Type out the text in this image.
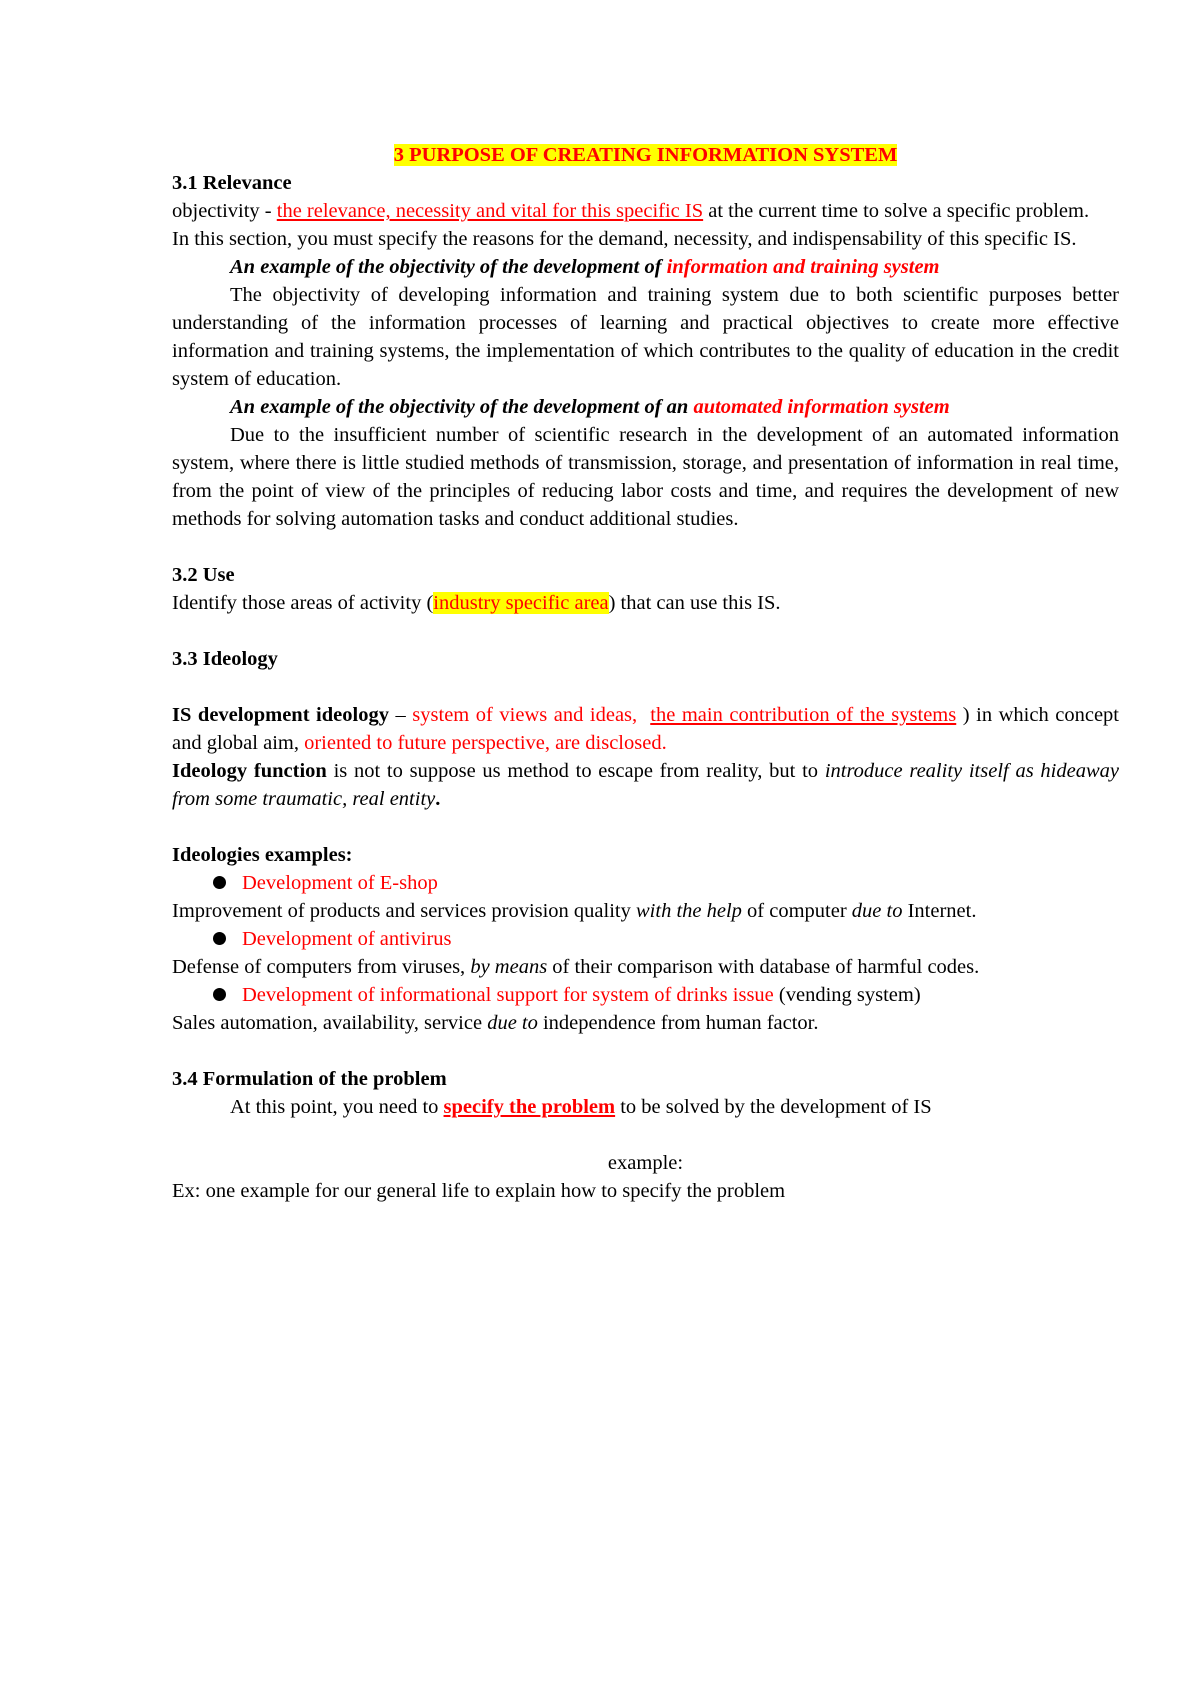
3 PURPOSE OF CREATING INFORMATION SYSTEM

3.1 Relevance

objectivity - the relevance, necessity and vital for this specific IS at the current time to solve a specific problem.

In this section, you must specify the reasons for the demand, necessity, and indispensability of this specific IS.

An example of the objectivity of the development of information and training system

The objectivity of developing information and training system due to both scientific purposes better understanding of the information processes of learning and practical objectives to create more effective information and training systems, the implementation of which contributes to the quality of education in the credit system of education.

An example of the objectivity of the development of an automated information system

Due to the insufficient number of scientific research in the development of an automated information system, where there is little studied methods of transmission, storage, and presentation of information in real time, from the point of view of the principles of reducing labor costs and time, and requires the development of new methods for solving automation tasks and conduct additional studies.

3.2 Use

Identify those areas of activity (industry specific area) that can use this IS.

3.3 Ideology

IS development ideology – system of views and ideas, the main contribution of the systems ) in which concept and global aim, oriented to future perspective, are disclosed.

Ideology function is not to suppose us method to escape from reality, but to introduce reality itself as hideaway from some traumatic, real entity.

Ideologies examples:

Development of E-shop

Improvement of products and services provision quality with the help of computer due to Internet.

Development of antivirus

Defense of computers from viruses, by means of their comparison with database of harmful codes.

Development of informational support for system of drinks issue (vending system)

Sales automation, availability, service due to independence from human factor.

3.4 Formulation of the problem

At this point, you need to specify the problem to be solved by the development of IS

example:

Ex: one example for our general life to explain how to specify the problem
